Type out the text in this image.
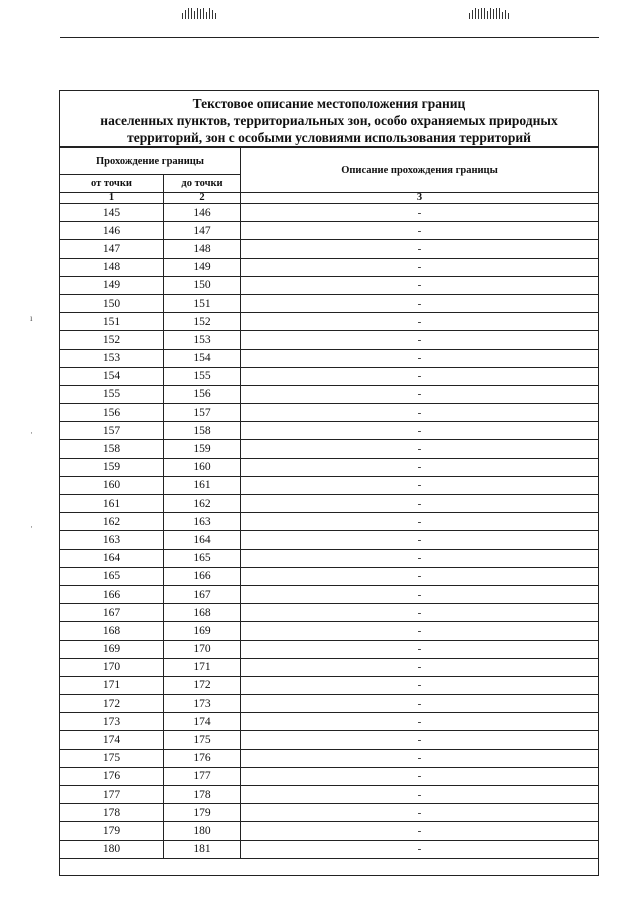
ı
·
·
Текстовое описание местоположения границ
населенных пунктов, территориальных зон, особо охраняемых природных
территорий, зон с особыми условиями использования территорий
Прохождение границы		Описание прохождения границы
от точки	до точки	
1	2	3
145	146	-
146	147	-
147	148	-
148	149	-
149	150	-
150	151	-
151	152	-
152	153	-
153	154	-
154	155	-
155	156	-
156	157	-
157	158	-
158	159	-
159	160	-
160	161	-
161	162	-
162	163	-
163	164	-
164	165	-
165	166	-
166	167	-
167	168	-
168	169	-
169	170	-
170	171	-
171	172	-
172	173	-
173	174	-
174	175	-
175	176	-
176	177	-
177	178	-
178	179	-
179	180	-
180	181	-
